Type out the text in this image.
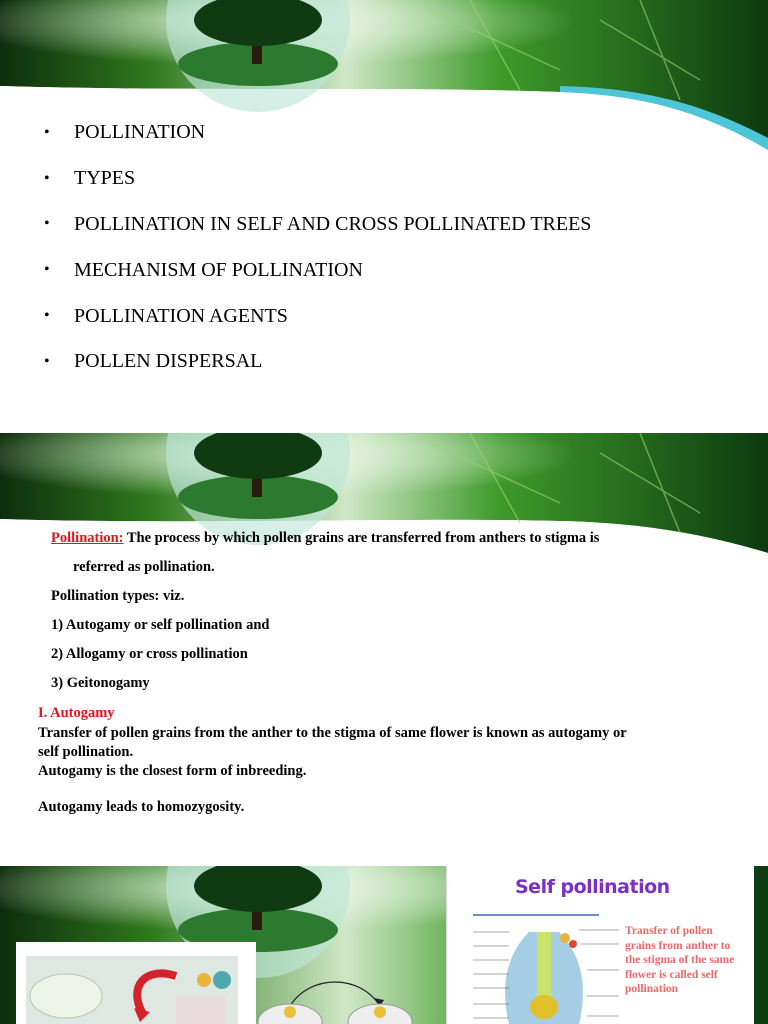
•	POLLINATION
•	TYPES
•	POLLINATION IN SELF AND CROSS POLLINATED TREES
•	MECHANISM OF POLLINATION
•	POLLINATION AGENTS
•	POLLEN DISPERSAL
Pollination: The process by which pollen grains are transferred from anthers to stigma is
referred as pollination.
Pollination types: viz.
1) Autogamy or self pollination and
2) Allogamy or cross pollination
3) Geitonogamy
I. Autogamy
Transfer of pollen grains from the anther to the stigma of same flower is known as autogamy or
self pollination.
Autogamy is the closest form of inbreeding.
Autogamy leads to homozygosity.
Self pollination
Transfer of pollen
grains from anther to
the stigma of the same
flower is called self
pollination
